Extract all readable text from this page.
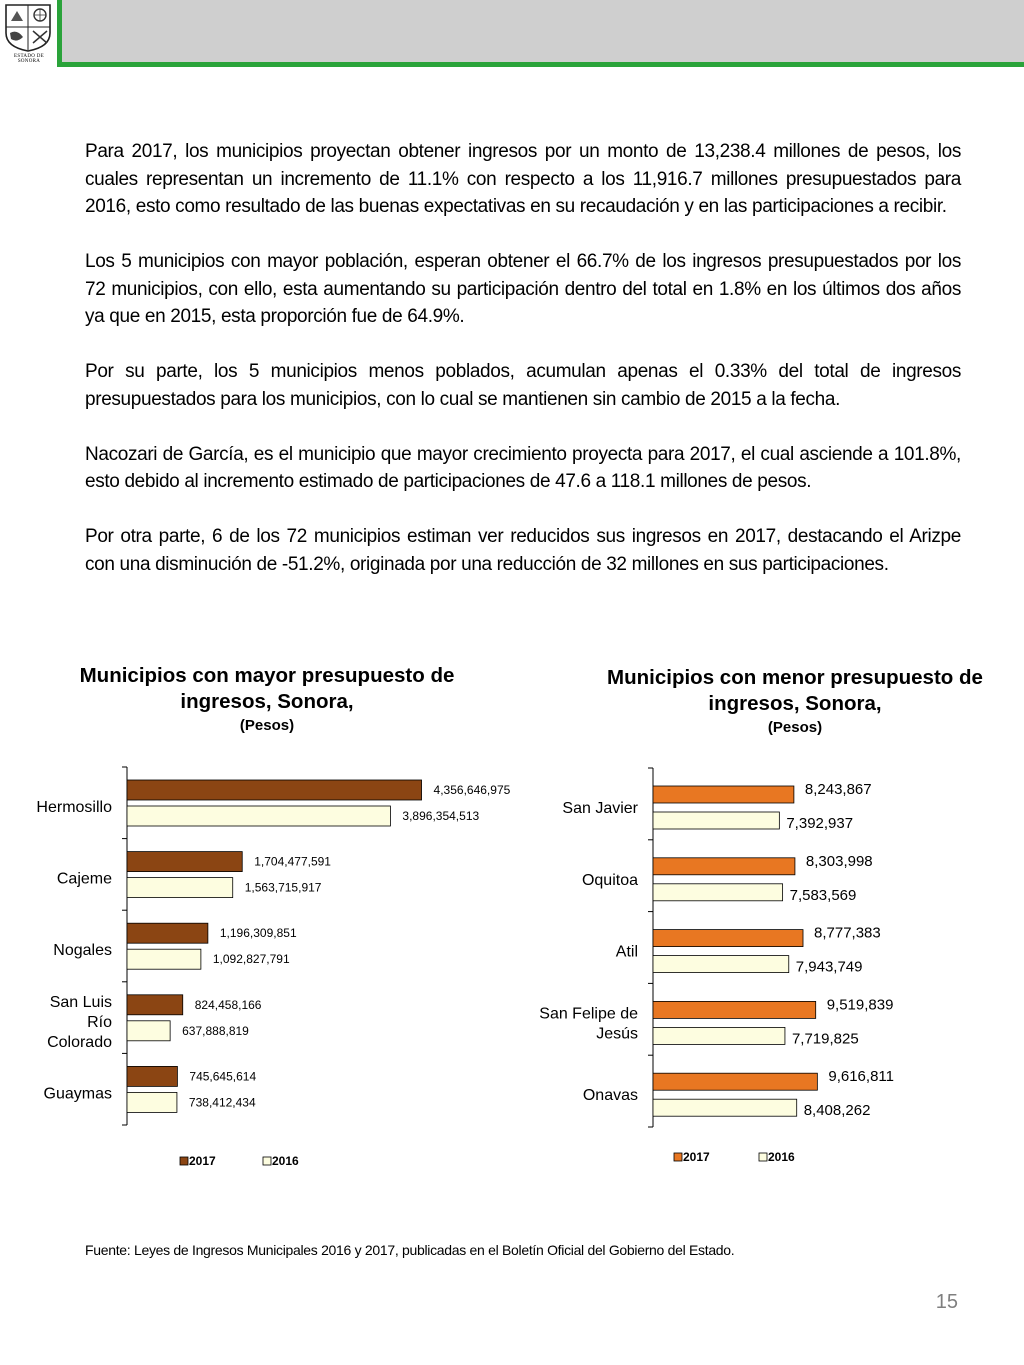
ESTADO DE SONORA

Para 2017, los municipios proyectan obtener ingresos por un monto de 13,238.4 millones de pesos, los cuales representan un incremento de 11.1% con respecto a los 11,916.7 millones presupuestados para 2016, esto como resultado de las buenas expectativas en su recaudación y en las participaciones a recibir.

Los 5 municipios con mayor población, esperan obtener el 66.7% de los ingresos presupuestados por los 72 municipios, con ello, esta aumentando su participación dentro del total en 1.8% en los últimos dos años ya que en 2015, esta proporción fue de 64.9%.

Por su parte, los 5 municipios menos poblados, acumulan apenas el 0.33% del total de ingresos presupuestados para los municipios, con lo cual se mantienen sin cambio de 2015 a la fecha.

Nacozari de García, es el municipio que mayor crecimiento proyecta para 2017, el cual asciende a 101.8%, esto debido al incremento estimado de participaciones de 47.6 a 118.1 millones de pesos.

Por otra parte, 6 de los 72 municipios estiman ver reducidos sus ingresos en 2017, destacando el Arizpe con una disminución de -51.2%, originada por una reducción de 32 millones en sus participaciones.

Municipios con mayor presupuesto de ingresos, Sonora,
(Pesos)
Municipios con menor presupuesto de ingresos, Sonora,
(Pesos)
4,356,646,975
3,896,354,513
Hermosillo
1,704,477,591
1,563,715,917
Cajeme
1,196,309,851
1,092,827,791
Nogales
824,458,166
637,888,819
San Luis Río Colorado
745,645,614
738,412,434
Guaymas
2017	2016
8,243,867
7,392,937
San Javier
8,303,998
7,583,569
Oquitoa
8,777,383
7,943,749
Atil
9,519,839
7,719,825
San Felipe de Jesús
9,616,811
8,408,262
Onavas
2017	2016
Fuente: Leyes de Ingresos Municipales 2016 y 2017, publicadas en el Boletín Oficial del Gobierno del Estado.
15
